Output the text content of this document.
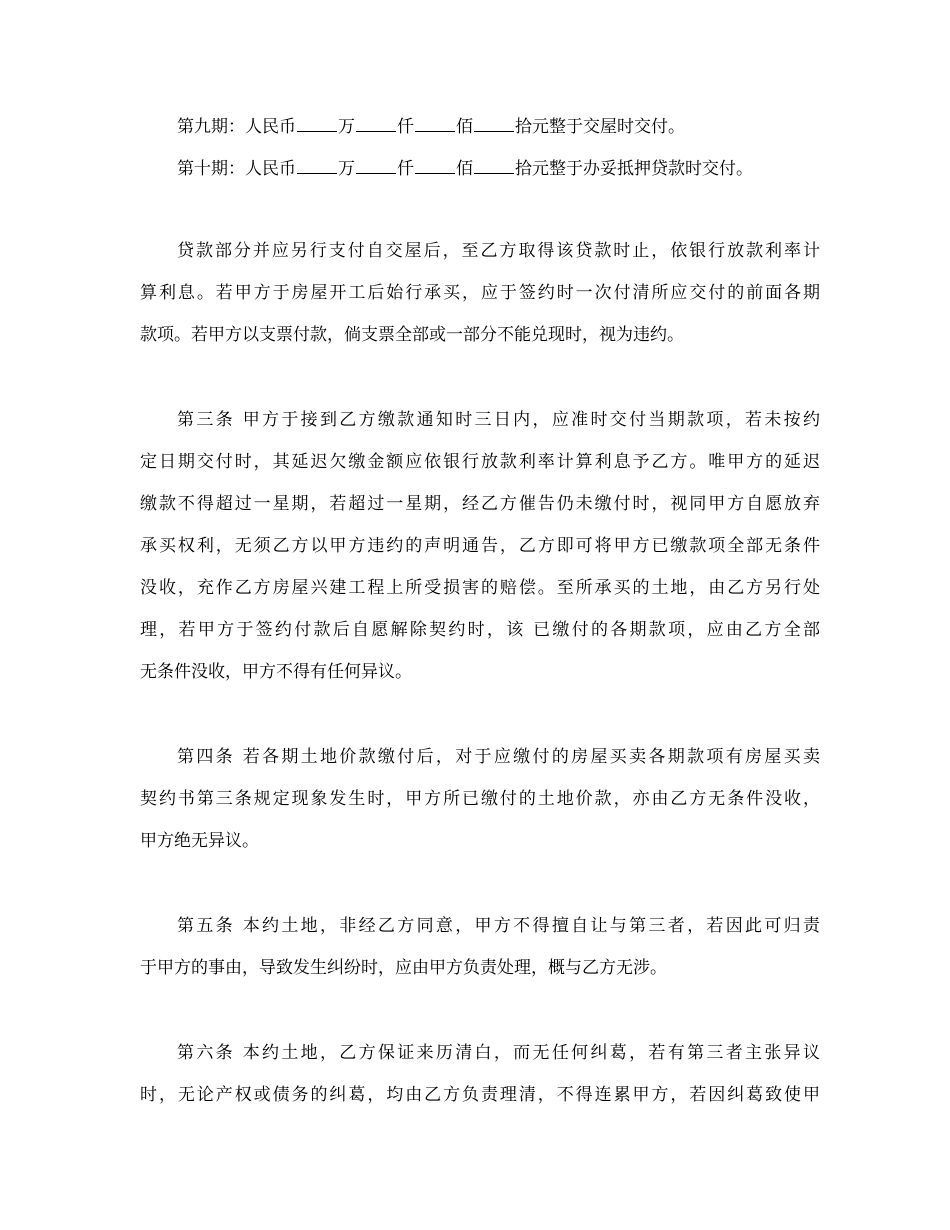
第九期：人民币 万 仟 佰 拾元整于交屋时交付。
第十期：人民币 万 仟 佰 拾元整于办妥抵押贷款时交付。
贷款部分并应另行支付自交屋后，至乙方取得该贷款时止，依银行放款利率计
算利息。若甲方于房屋开工后始行承买，应于签约时一次付清所应交付的前面各期
款项。若甲方以支票付款，倘支票全部或一部分不能兑现时，视为违约。
第三条 甲方于接到乙方缴款通知时三日内，应准时交付当期款项，若未按约
定日期交付时，其延迟欠缴金额应依银行放款利率计算利息予乙方。唯甲方的延迟
缴款不得超过一星期，若超过一星期，经乙方催告仍未缴付时，视同甲方自愿放弃
承买权利，无须乙方以甲方违约的声明通告，乙方即可将甲方已缴款项全部无条件
没收，充作乙方房屋兴建工程上所受损害的赔偿。至所承买的土地，由乙方另行处
理，若甲方于签约付款后自愿解除契约时，该 已缴付的各期款项，应由乙方全部
无条件没收，甲方不得有任何异议。
第四条 若各期土地价款缴付后，对于应缴付的房屋买卖各期款项有房屋买卖
契约书第三条规定现象发生时，甲方所已缴付的土地价款，亦由乙方无条件没收，
甲方绝无异议。
第五条 本约土地，非经乙方同意，甲方不得擅自让与第三者，若因此可归责
于甲方的事由，导致发生纠纷时，应由甲方负责处理，概与乙方无涉。
第六条 本约土地，乙方保证来历清白，而无任何纠葛，若有第三者主张异议
时，无论产权或债务的纠葛，均由乙方负责理清，不得连累甲方，若因纠葛致使甲
